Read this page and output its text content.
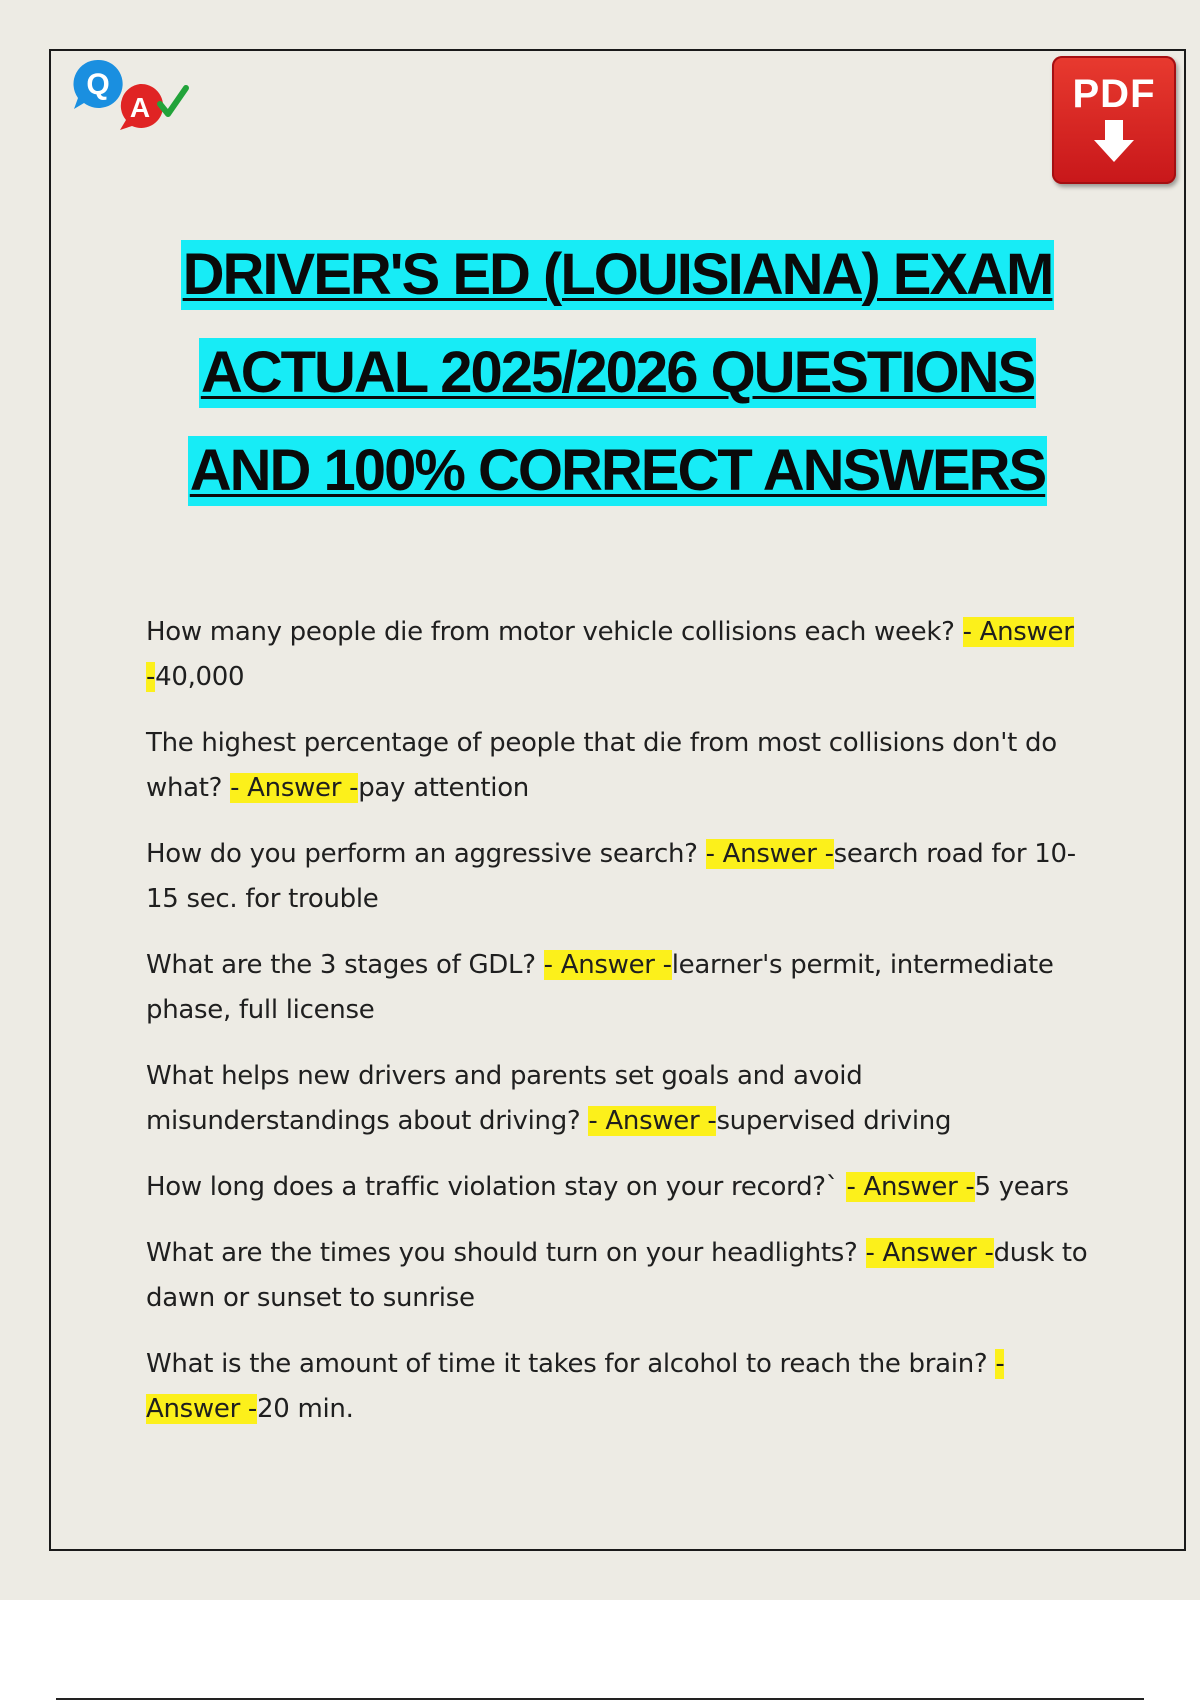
Q
A	PDF
DRIVER'S ED (LOUISIANA) EXAM
ACTUAL 2025/2026 QUESTIONS
AND 100% CORRECT ANSWERS
How many people die from motor vehicle collisions each week? - Answer -40,000
The highest percentage of people that die from most collisions don't do what? - Answer -pay attention
How do you perform an aggressive search? - Answer -search road for 10-15 sec. for trouble
What are the 3 stages of GDL? - Answer -learner's permit, intermediate phase, full license
What helps new drivers and parents set goals and avoid misunderstandings about driving? - Answer -supervised driving
How long does a traffic violation stay on your record?` - Answer -5 years
What are the times you should turn on your headlights? - Answer -dusk to dawn or sunset to sunrise
What is the amount of time it takes for alcohol to reach the brain? - Answer -20 min.
